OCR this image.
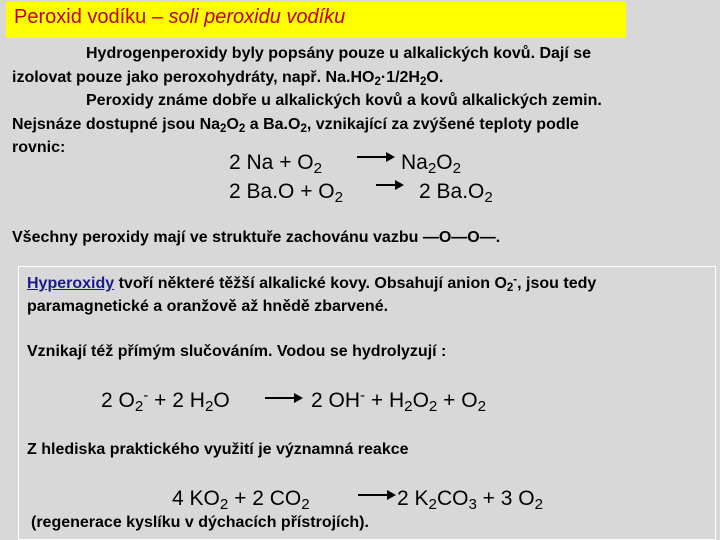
Peroxid vodíku – soli peroxidu vodíku
Hydrogenperoxidy byly popsány pouze u alkalických kovů. Dají se
izolovat pouze jako peroxohydráty, např. $Na.HO_2\cdot 1/2H_2O$.
Peroxidy známe dobře u alkalických kovů a kovů alkalických zemin.
Nejsnáze dostupné jsou $Na_2O_2$ a $Ba.O_2$, vznikající za zvýšené teploty podle
rovnic:
2 $Na + O_2 \to Na_2O_2$
2 $Ba.O + O_2 \to 2$ $Ba.O_2$
Všechny peroxidy mají ve struktuře zachovánu vazbu —O—O—.
Hyperoxidy tvoří některé těžší alkalické kovy. Obsahují anion $O_2^-$, jsou tedy
paramagnetické a oranžově až hnědě zbarvené.
Vznikají též přímým slučováním. Vodou se hydrolyzují :
2 $O_2^- + 2$ $H_2O \to 2$ $OH^- + H_2O_2 + O_2$
Z hlediska praktického využití je významná reakce
4 $KO_2 + 2$ $CO_2 \to 2$ $K_2CO_3 + 3$ $O_2$
(regenerace kyslíku v dýchacích přístrojích).
